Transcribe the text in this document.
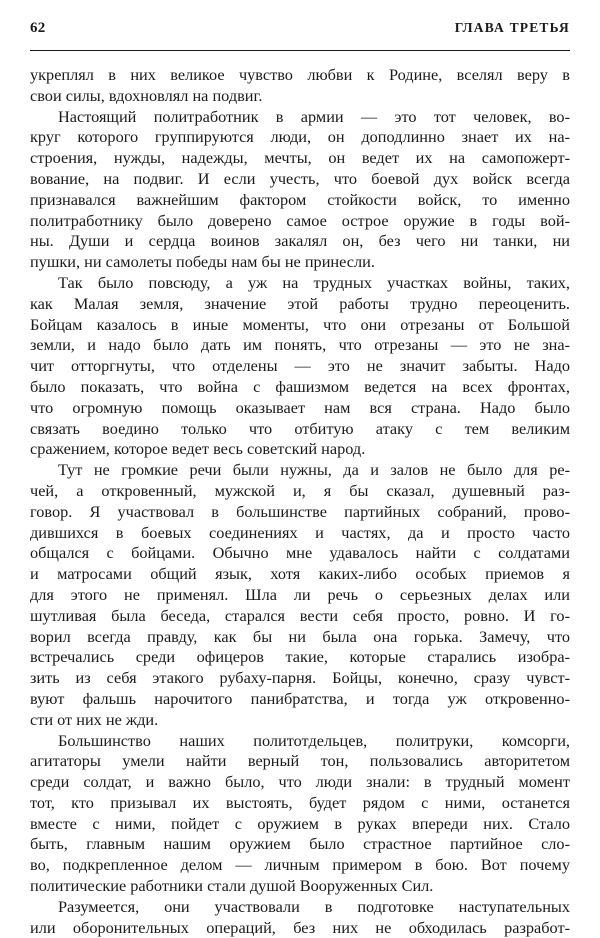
62	ГЛАВА ТРЕТЬЯ
укреплял в них великое чувство любви к Родине, вселял веру в
свои силы, вдохновлял на подвиг.
Настоящий политработник в армии — это тот человек, во-
круг которого группируются люди, он доподлинно знает их на-
строения, нужды, надежды, мечты, он ведет их на самопожерт-
вование, на подвиг. И если учесть, что боевой дух войск всегда
признавался важнейшим фактором стойкости войск, то именно
политработнику было доверено самое острое оружие в годы вой-
ны. Души и сердца воинов закалял он, без чего ни танки, ни
пушки, ни самолеты победы нам бы не принесли.
Так было повсюду, а уж на трудных участках войны, таких,
как Малая земля, значение этой работы трудно переоценить.
Бойцам казалось в иные моменты, что они отрезаны от Большой
земли, и надо было дать им понять, что отрезаны — это не зна-
чит отторгнуты, что отделены — это не значит забыты. Надо
было показать, что война с фашизмом ведется на всех фронтах,
что огромную помощь оказывает нам вся страна. Надо было
связать воедино только что отбитую атаку с тем великим
сражением, которое ведет весь советский народ.
Тут не громкие речи были нужны, да и залов не было для ре-
чей, а откровенный, мужской и, я бы сказал, душевный раз-
говор. Я участвовал в большинстве партийных собраний, прово-
дившихся в боевых соединениях и частях, да и просто часто
общался с бойцами. Обычно мне удавалось найти с солдатами
и матросами общий язык, хотя каких-либо особых приемов я
для этого не применял. Шла ли речь о серьезных делах или
шутливая была беседа, старался вести себя просто, ровно. И го-
ворил всегда правду, как бы ни была она горька. Замечу, что
встречались среди офицеров такие, которые старались изобра-
зить из себя этакого рубаху-парня. Бойцы, конечно, сразу чувст-
вуют фальшь нарочитого панибратства, и тогда уж откровенно-
сти от них не жди.
Большинство наших политотдельцев, политруки, комсорги,
агитаторы умели найти верный тон, пользовались авторитетом
среди солдат, и важно было, что люди знали: в трудный момент
тот, кто призывал их выстоять, будет рядом с ними, останется
вместе с ними, пойдет с оружием в руках впереди них. Стало
быть, главным нашим оружием было страстное партийное сло-
во, подкрепленное делом — личным примером в бою. Вот почему
политические работники стали душой Вооруженных Сил.
Разумеется, они участвовали в подготовке наступательных
или оборонительных операций, без них не обходилась разработ-
